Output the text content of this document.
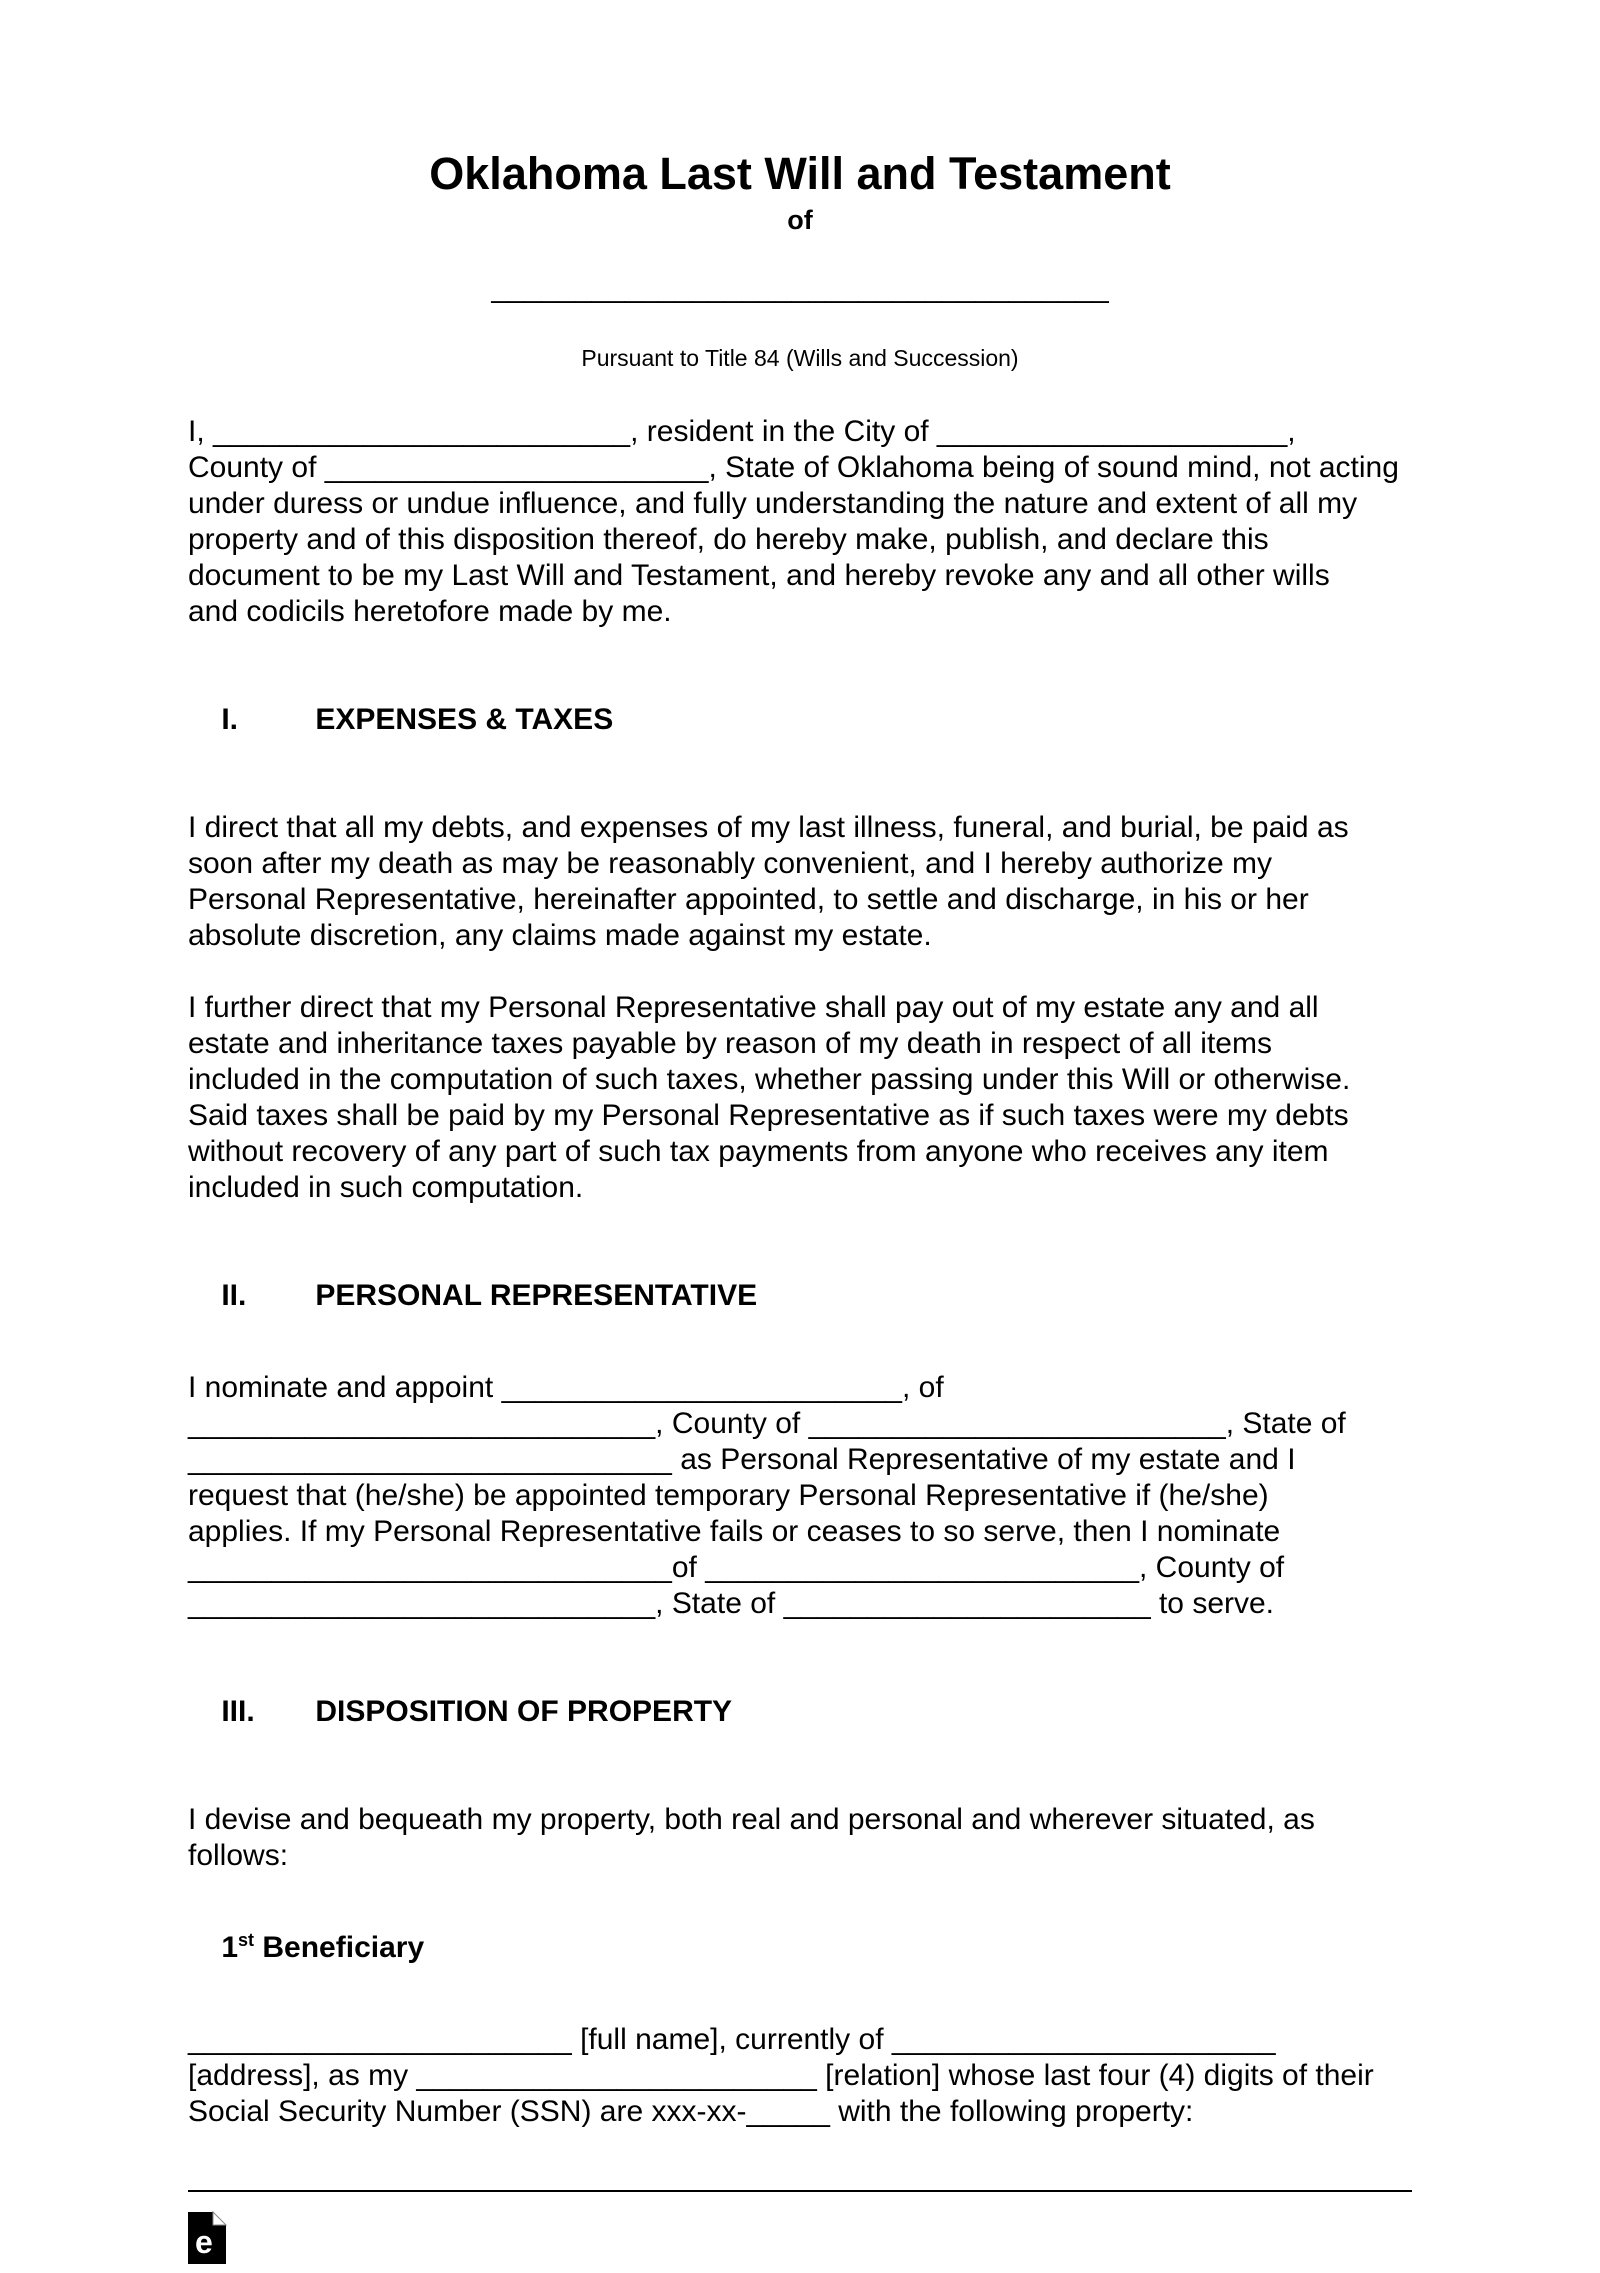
Oklahoma Last Will and Testament
of
_____________________________________
Pursuant to Title 84 (Wills and Succession)
I, _________________________, resident in the City of _____________________,
County of _______________________, State of Oklahoma being of sound mind, not acting
under duress or undue influence, and fully understanding the nature and extent of all my
property and of this disposition thereof, do hereby make, publish, and declare this
document to be my Last Will and Testament, and hereby revoke any and all other wills
and codicils heretofore made by me.

I.	EXPENSES & TAXES

I direct that all my debts, and expenses of my last illness, funeral, and burial, be paid as
soon after my death as may be reasonably convenient, and I hereby authorize my
Personal Representative, hereinafter appointed, to settle and discharge, in his or her
absolute discretion, any claims made against my estate.
I further direct that my Personal Representative shall pay out of my estate any and all
estate and inheritance taxes payable by reason of my death in respect of all items
included in the computation of such taxes, whether passing under this Will or otherwise.
Said taxes shall be paid by my Personal Representative as if such taxes were my debts
without recovery of any part of such tax payments from anyone who receives any item
included in such computation.

II. PERSONAL REPRESENTATIVE

I nominate and appoint ________________________, of
____________________________, County of _________________________, State of
_____________________________ as Personal Representative of my estate and I
request that (he/she) be appointed temporary Personal Representative if (he/she)
applies. If my Personal Representative fails or ceases to so serve, then I nominate
_____________________________of __________________________, County of
____________________________, State of ______________________ to serve.

III. DISPOSITION OF PROPERTY

I devise and bequeath my property, both real and personal and wherever situated, as
follows:

1st Beneficiary

_______________________ [full name], currently of _______________________
[address], as my ________________________ [relation] whose last four (4) digits of their
Social Security Number (SSN) are xxx-xx-_____ with the following property:
e
